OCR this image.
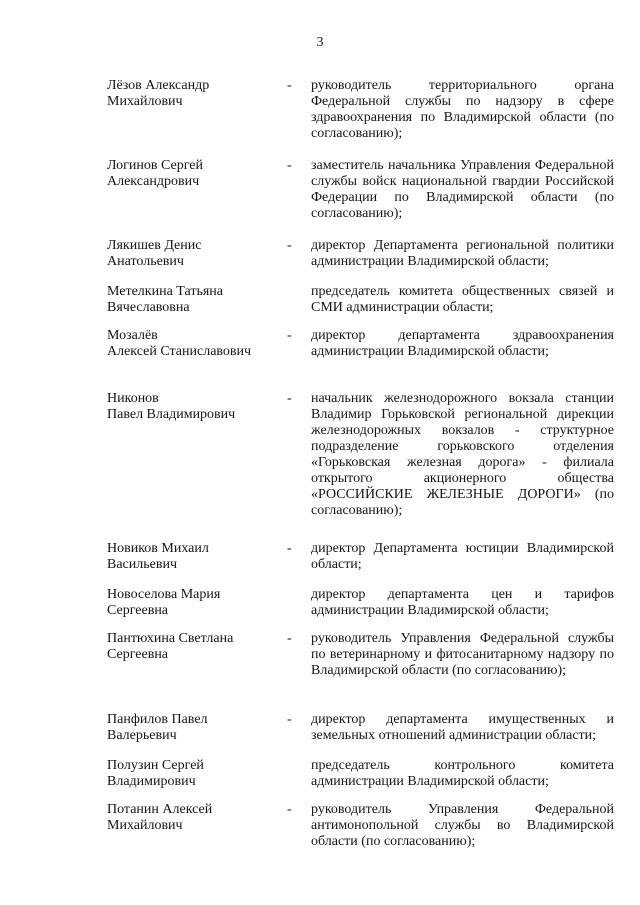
3
Лёзов Александр
Михайлович
- руководитель территориального органа Федеральной службы по надзору в сфере здравоохранения по Владимирской области (по согласованию);
Логинов Сергей
Александрович
- заместитель начальника Управления Федеральной службы войск национальной гвардии Российской Федерации по Владимирской области (по согласованию);
Лякишев Денис
Анатольевич
- директор Департамента региональной политики администрации Владимирской области;
Метелкина Татьяна
Вячеславовна
председатель комитета общественных связей и СМИ администрации области;
Мозалёв
Алексей Станиславович
- директор департамента здравоохранения администрации Владимирской области;
Никонов
Павел Владимирович
- начальник железнодорожного вокзала станции Владимир Горьковской региональной дирекции железнодорожных вокзалов - структурное подразделение горьковского отделения «Горьковская железная дорога» - филиала открытого акционерного общества «РОССИЙСКИЕ ЖЕЛЕЗНЫЕ ДОРОГИ» (по согласованию);
Новиков Михаил
Васильевич
- директор Департамента юстиции Владимирской области;
Новоселова Мария
Сергеевна
директор департамента цен и тарифов администрации Владимирской области;
Пантюхина Светлана
Сергеевна
- руководитель Управления Федеральной службы по ветеринарному и фитосанитарному надзору по Владимирской области (по согласованию);
Панфилов Павел
Валерьевич
- директор департамента имущественных и земельных отношений администрации области;
Полузин Сергей
Владимирович
председатель контрольного комитета администрации Владимирской области;
Потанин Алексей
Михайлович
- руководитель Управления Федеральной антимонопольной службы во Владимирской области (по согласованию);
